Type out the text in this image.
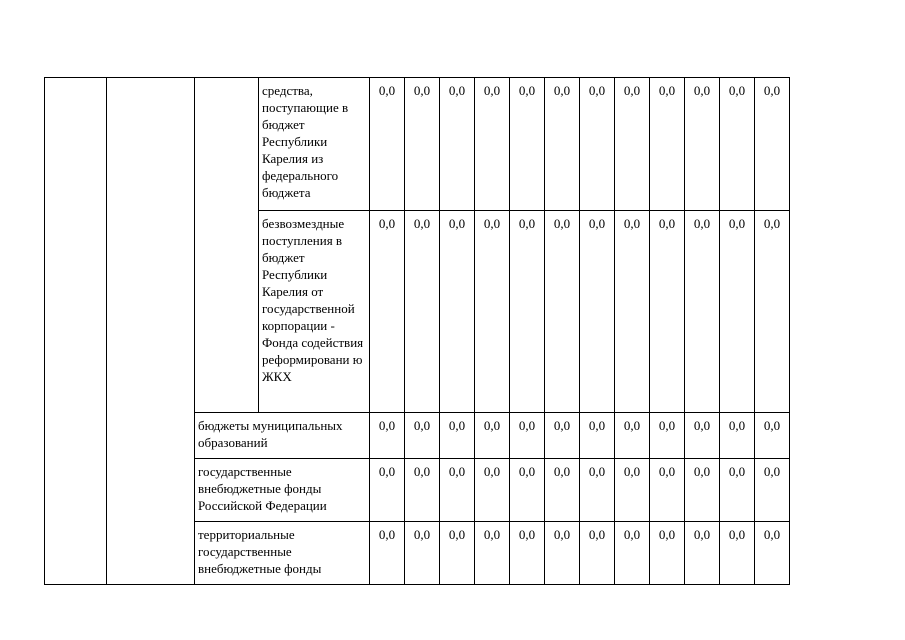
			средства, поступающие в бюджет Республики Карелия из федерального бюджета	0,0	0,0	0,0	0,0	0,0	0,0	0,0	0,0	0,0	0,0	0,0	0,0
			безвозмездные поступления в бюджет Республики Карелия от государственной корпорации - Фонда содействия реформировани ю ЖКХ	0,0	0,0	0,0	0,0	0,0	0,0	0,0	0,0	0,0	0,0	0,0	0,0
		бюджеты муниципальных образований		0,0	0,0	0,0	0,0	0,0	0,0	0,0	0,0	0,0	0,0	0,0	0,0
		государственные внебюджетные фонды Российской Федерации		0,0	0,0	0,0	0,0	0,0	0,0	0,0	0,0	0,0	0,0	0,0	0,0
		территориальные государственные внебюджетные фонды		0,0	0,0	0,0	0,0	0,0	0,0	0,0	0,0	0,0	0,0	0,0	0,0
